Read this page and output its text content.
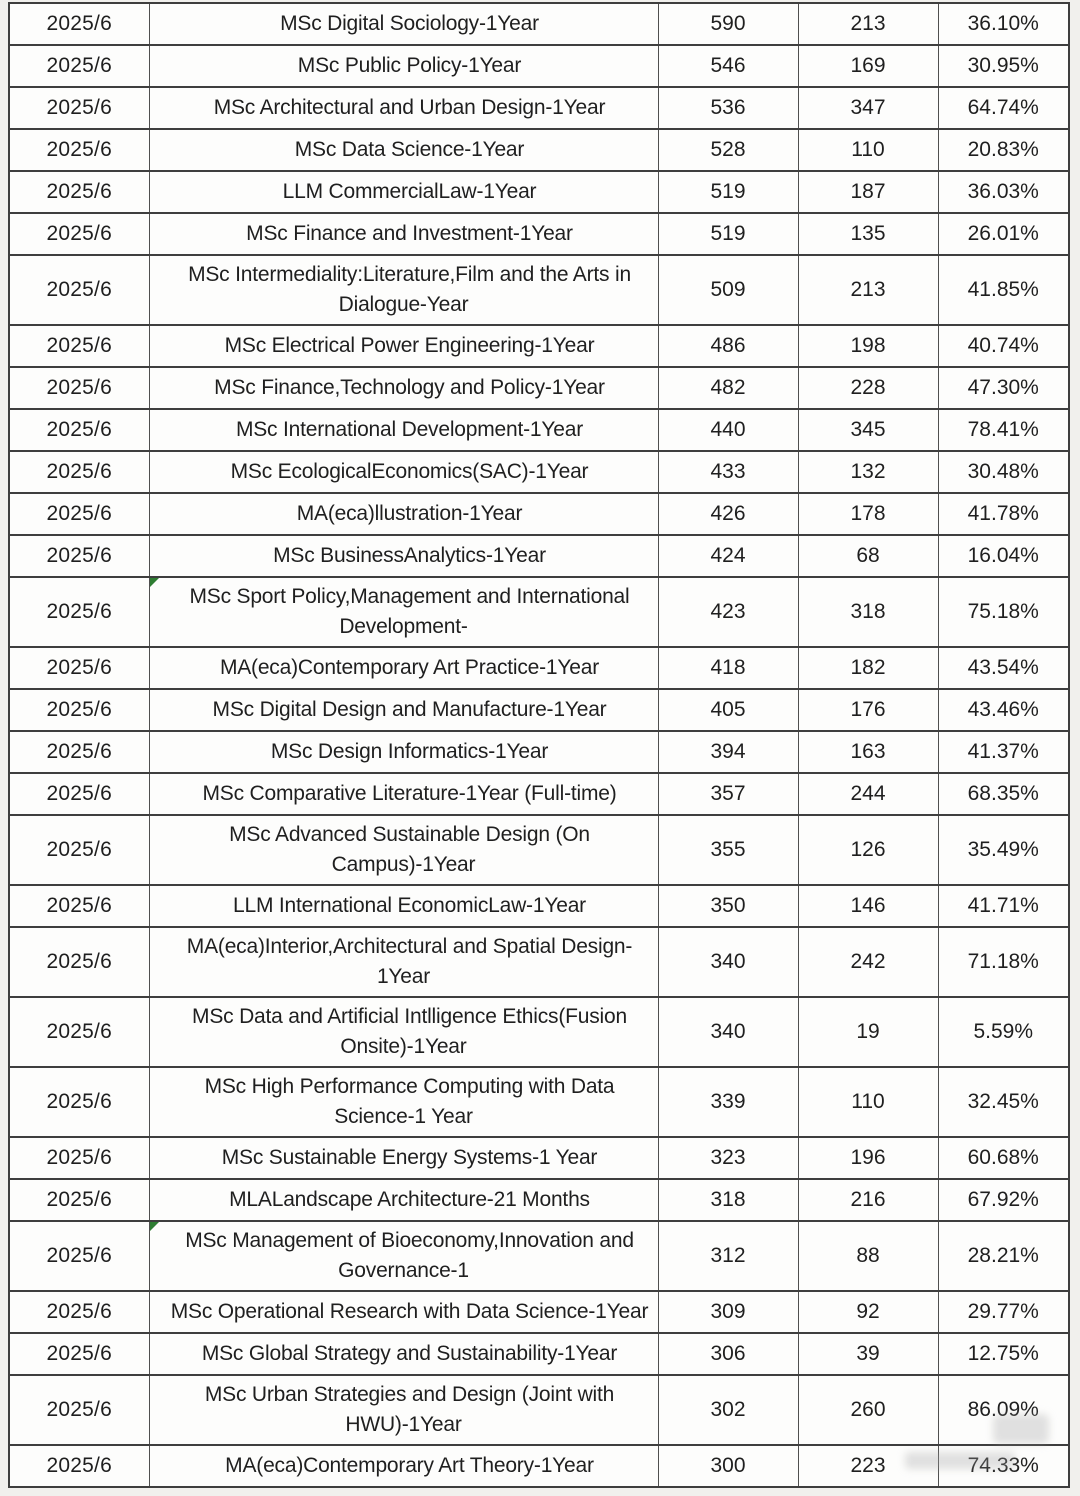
2025/6	MSc Digital Sociology-1Year	590	213	36.10%
2025/6	MSc Public Policy-1Year	546	169	30.95%
2025/6	MSc Architectural and Urban Design-1Year	536	347	64.74%
2025/6	MSc Data Science-1Year	528	110	20.83%
2025/6	LLM CommercialLaw-1Year	519	187	36.03%
2025/6	MSc Finance and Investment-1Year	519	135	26.01%
2025/6	MSc Intermediality:Literature,Film and the Arts in Dialogue-Year	509	213	41.85%
2025/6	MSc Electrical Power Engineering-1Year	486	198	40.74%
2025/6	MSc Finance,Technology and Policy-1Year	482	228	47.30%
2025/6	MSc International Development-1Year	440	345	78.41%
2025/6	MSc EcologicalEconomics(SAC)-1Year	433	132	30.48%
2025/6	MA(eca)llustration-1Year	426	178	41.78%
2025/6	MSc BusinessAnalytics-1Year	424	68	16.04%
2025/6	MSc Sport Policy,Management and International Development-	423	318	75.18%
2025/6	MA(eca)Contemporary Art Practice-1Year	418	182	43.54%
2025/6	MSc Digital Design and Manufacture-1Year	405	176	43.46%
2025/6	MSc Design Informatics-1Year	394	163	41.37%
2025/6	MSc Comparative Literature-1Year (Full-time)	357	244	68.35%
2025/6	MSc Advanced Sustainable Design (On Campus)-1Year	355	126	35.49%
2025/6	LLM International EconomicLaw-1Year	350	146	41.71%
2025/6	MA(eca)Interior,Architectural and Spatial Design-1Year	340	242	71.18%
2025/6	MSc Data and Artificial Intlligence Ethics(Fusion Onsite)-1Year	340	19	5.59%
2025/6	MSc High Performance Computing with Data Science-1 Year	339	110	32.45%
2025/6	MSc Sustainable Energy Systems-1 Year	323	196	60.68%
2025/6	MLALandscape Architecture-21 Months	318	216	67.92%
2025/6	MSc Management of Bioeconomy,Innovation and Governance-1	312	88	28.21%
2025/6	MSc Operational Research with Data Science-1Year	309	92	29.77%
2025/6	MSc Global Strategy and Sustainability-1Year	306	39	12.75%
2025/6	MSc Urban Strategies and Design (Joint with HWU)-1Year	302	260	86.09%
2025/6	MA(eca)Contemporary Art Theory-1Year	300	223	74.33%
